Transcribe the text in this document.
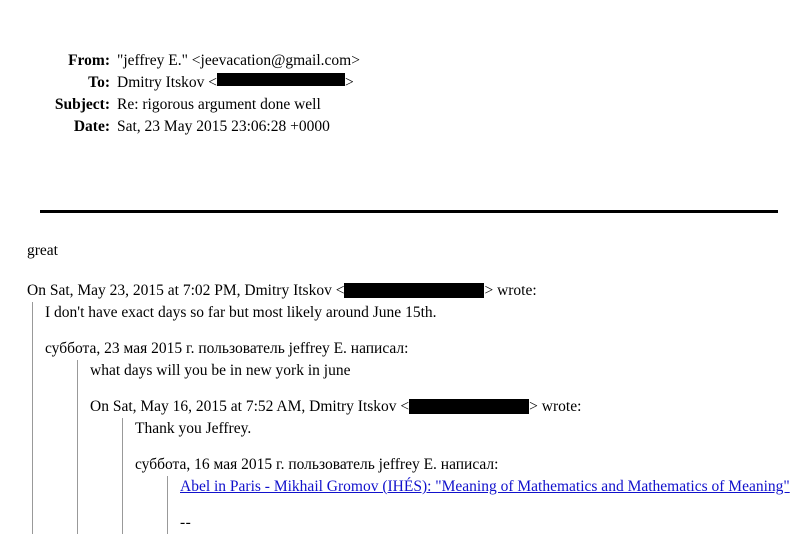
From: "jeffrey E." <jeevacation@gmail.com>
To: Dmitry Itskov <	>
Subject: Re: rigorous argument done well
Date: Sat, 23 May 2015 23:06:28 +0000
great
On Sat, May 23, 2015 at 7:02 PM, Dmitry Itskov <	> wrote:
I don't have exact days so far but most likely around June 15th.
суббота, 23 мая 2015 г. пользователь jeffrey E. написал:
what days will you be in new york in june
On Sat, May 16, 2015 at 7:52 AM, Dmitry Itskov <	> wrote:
Thank you Jeffrey.
суббота, 16 мая 2015 г. пользователь jeffrey E. написал:
Abel in Paris - Mikhail Gromov (IHÉS): "Meaning of Mathematics and Mathematics of Meaning"
--
